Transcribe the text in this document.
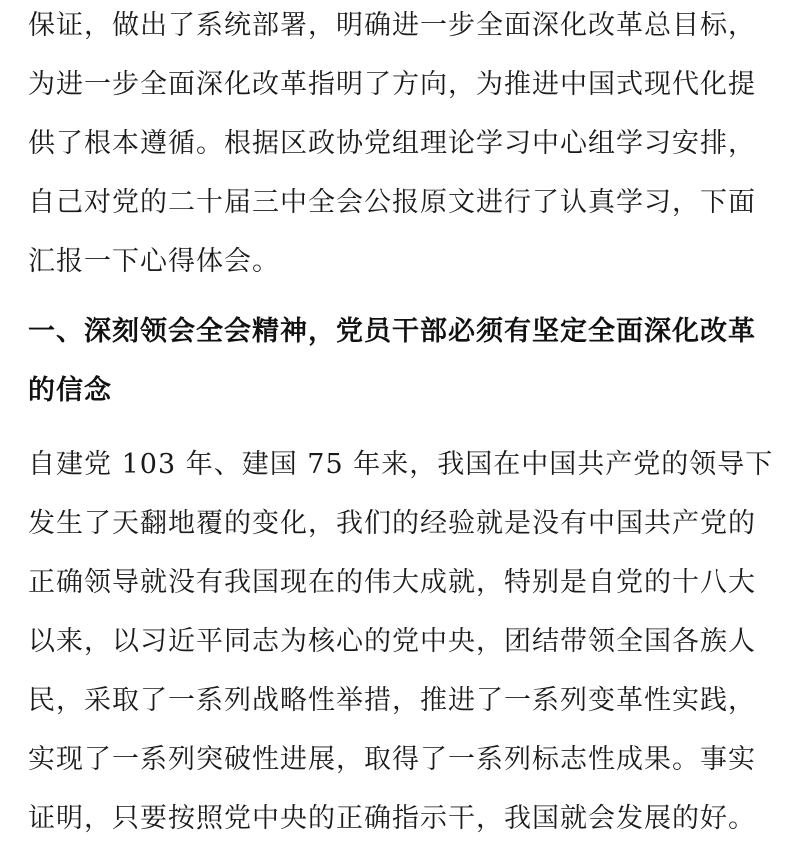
保证，做出了系统部署，明确进一步全面深化改革总目标，
为进一步全面深化改革指明了方向，为推进中国式现代化提
供了根本遵循。根据区政协党组理论学习中心组学习安排，
自己对党的二十届三中全会公报原文进行了认真学习，下面
汇报一下心得体会。
一、深刻领会全会精神，党员干部必须有坚定全面深化改革
的信念
自建党 103 年、建国 75 年来，我国在中国共产党的领导下
发生了天翻地覆的变化，我们的经验就是没有中国共产党的
正确领导就没有我国现在的伟大成就，特别是自党的十八大
以来，以习近平同志为核心的党中央，团结带领全国各族人
民，采取了一系列战略性举措，推进了一系列变革性实践，
实现了一系列突破性进展，取得了一系列标志性成果。事实
证明，只要按照党中央的正确指示干，我国就会发展的好。
